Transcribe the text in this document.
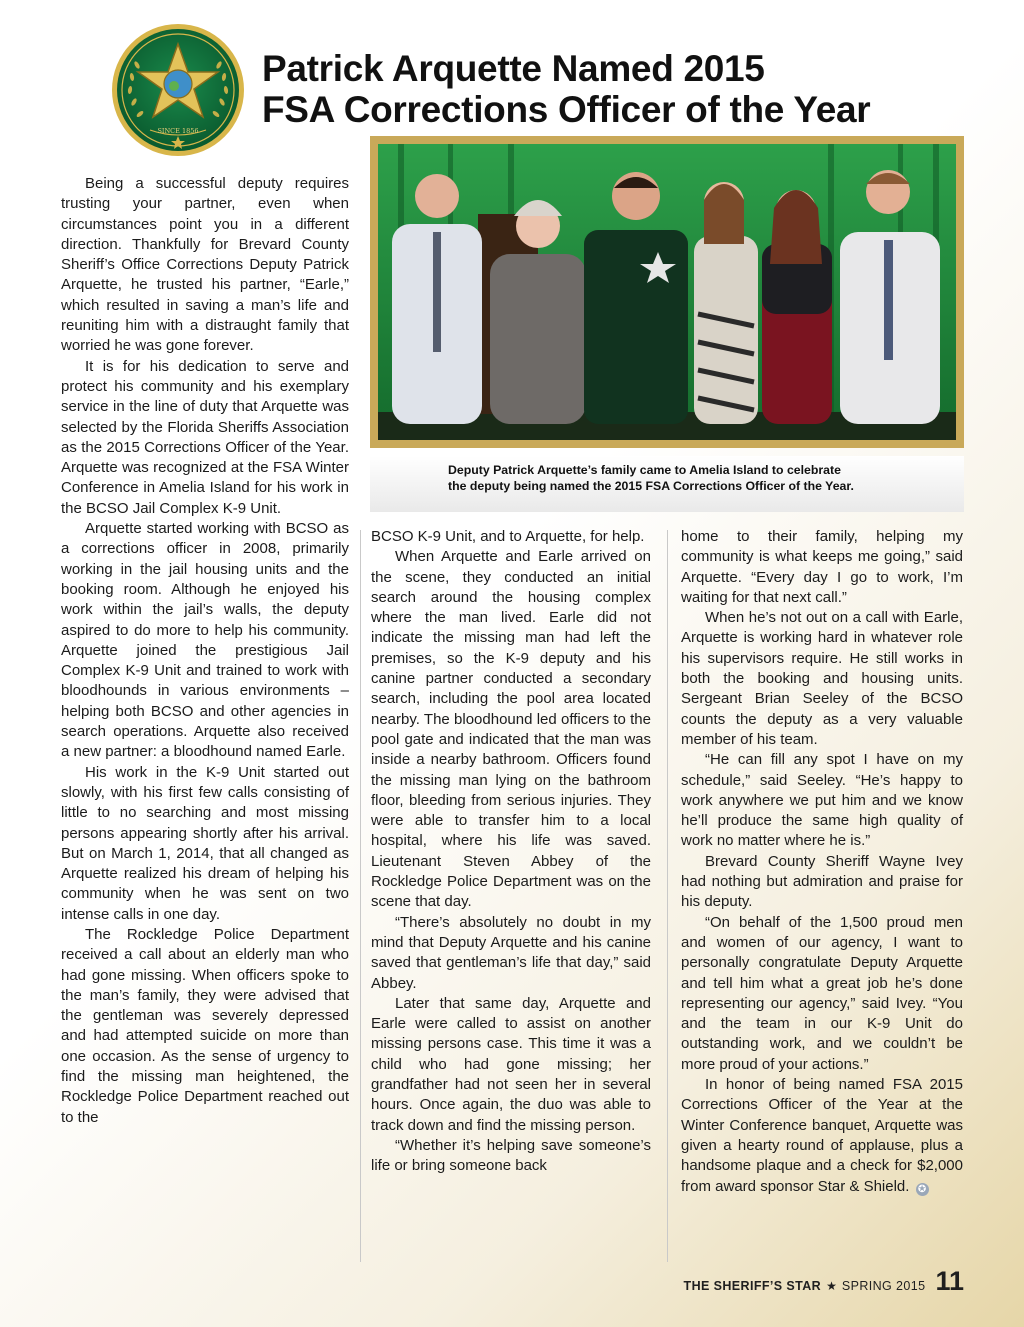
SINCE 1856
Patrick Arquette Named 2015
FSA Corrections Officer of the Year
Deputy Patrick Arquette’s family came to Amelia Island to celebrate
the deputy being named the 2015 FSA Corrections Officer of the Year.

Being a successful deputy requires trusting your partner, even when circumstances point you in a different direction. Thankfully for Brevard County Sheriff’s Office Corrections Deputy Patrick Arquette, he trusted his partner, “Earle,” which resulted in saving a man’s life and reuniting him with a distraught family that worried he was gone forever.

It is for his dedication to serve and protect his community and his exemplary service in the line of duty that Arquette was selected by the Florida Sheriffs Association as the 2015 Corrections Officer of the Year. Arquette was recognized at the FSA Winter Conference in Amelia Island for his work in the BCSO Jail Complex K-9 Unit.

Arquette started working with BCSO as a corrections officer in 2008, primarily working in the jail housing units and the booking room. Although he enjoyed his work within the jail’s walls, the deputy aspired to do more to help his community. Arquette joined the prestigious Jail Complex K-9 Unit and trained to work with bloodhounds in various environments – helping both BCSO and other agencies in search operations. Arquette also received a new partner: a bloodhound named Earle.

His work in the K-9 Unit started out slowly, with his first few calls consisting of little to no searching and most missing persons appearing shortly after his arrival. But on March 1, 2014, that all changed as Arquette realized his dream of helping his community when he was sent on two intense calls in one day.

The Rockledge Police Department received a call about an elderly man who had gone missing. When officers spoke to the man’s family, they were advised that the gentleman was severely depressed and had attempted suicide on more than one occasion. As the sense of urgency to find the missing man heightened, the Rockledge Police Department reached out to the

BCSO K-9 Unit, and to Arquette, for help.

When Arquette and Earle arrived on the scene, they conducted an initial search around the housing complex where the man lived. Earle did not indicate the missing man had left the premises, so the K-9 deputy and his canine partner conducted a secondary search, including the pool area located nearby. The bloodhound led officers to the pool gate and indicated that the man was inside a nearby bathroom. Officers found the missing man lying on the bathroom floor, bleeding from serious injuries. They were able to transfer him to a local hospital, where his life was saved. Lieutenant Steven Abbey of the Rockledge Police Department was on the scene that day.

“There’s absolutely no doubt in my mind that Deputy Arquette and his canine saved that gentleman’s life that day,” said Abbey.

Later that same day, Arquette and Earle were called to assist on another missing persons case. This time it was a child who had gone missing; her grandfather had not seen her in several hours. Once again, the duo was able to track down and find the missing person.

“Whether it’s helping save someone’s life or bring someone back

home to their family, helping my community is what keeps me going,” said Arquette. “Every day I go to work, I’m waiting for that next call.”

When he’s not out on a call with Earle, Arquette is working hard in whatever role his supervisors require. He still works in both the booking and housing units. Sergeant Brian Seeley of the BCSO counts the deputy as a very valuable member of his team.

“He can fill any spot I have on my schedule,” said Seeley. “He’s happy to work anywhere we put him and we know he’ll produce the same high quality of work no matter where he is.”

Brevard County Sheriff Wayne Ivey had nothing but admiration and praise for his deputy.

“On behalf of the 1,500 proud men and women of our agency, I want to personally congratulate Deputy Arquette and tell him what a great job he’s done representing our agency,” said Ivey. “You and the team in our K-9 Unit do outstanding work, and we couldn’t be more proud of your actions.”

In honor of being named FSA 2015 Corrections Officer of the Year at the Winter Conference banquet, Arquette was given a hearty round of applause, plus a handsome plaque and a check for $2,000 from award sponsor Star & Shield. ✪

THE SHERIFF’S STAR ★ SPRING 2015 11
